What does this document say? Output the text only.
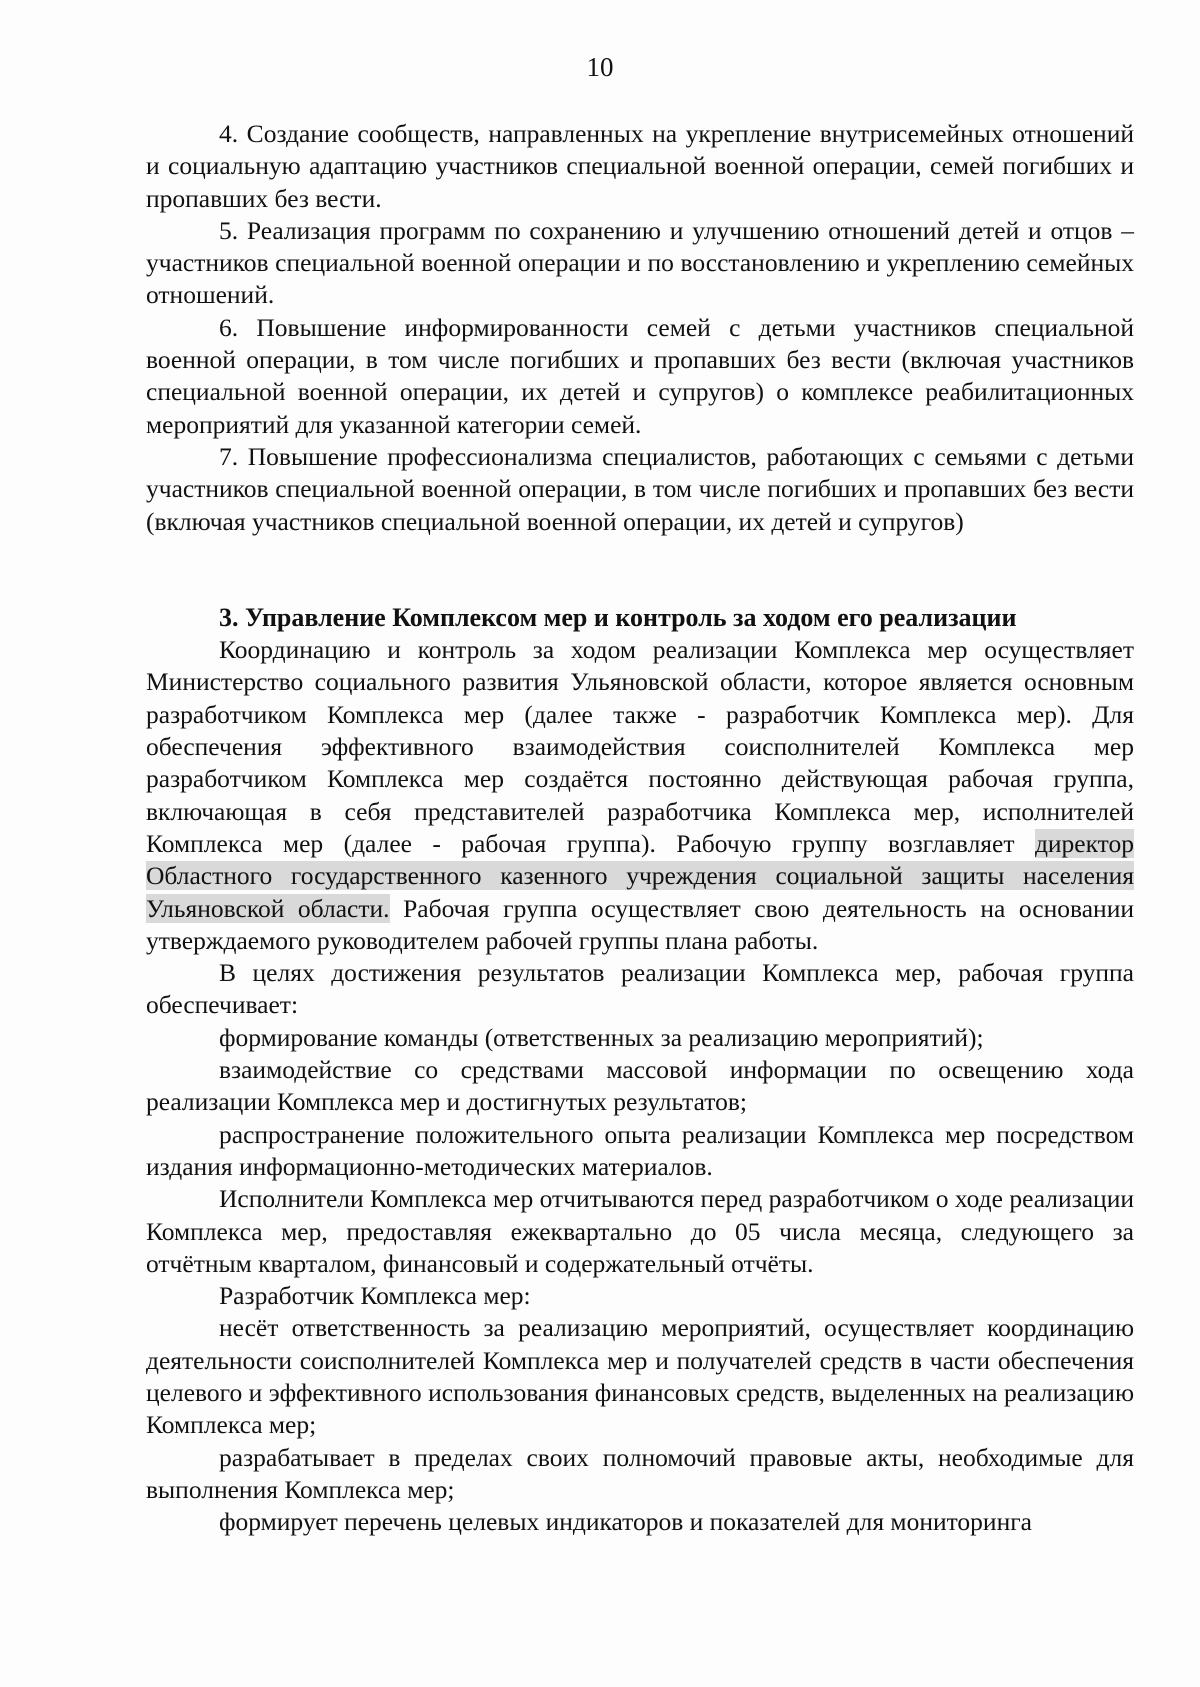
10

4. Создание сообществ, направленных на укрепление внутрисемейных отношений и социальную адаптацию участников специальной военной операции, семей погибших и пропавших без вести.

5. Реализация программ по сохранению и улучшению отношений детей и отцов – участников специальной военной операции и по восстановлению и укреплению семейных отношений.

6. Повышение информированности семей с детьми участников специальной военной операции, в том числе погибших и пропавших без вести (включая участников специальной военной операции, их детей и супругов) о комплексе реабилитационных мероприятий для указанной категории семей.

7. Повышение профессионализма специалистов, работающих с семьями с детьми участников специальной военной операции, в том числе погибших и пропавших без вести (включая участников специальной военной операции, их детей и супругов)

3. Управление Комплексом мер и контроль за ходом его реализации

Координацию и контроль за ходом реализации Комплекса мер осуществляет Министерство социального развития Ульяновской области, которое является основным разработчиком Комплекса мер (далее также - разработчик Комплекса мер). Для обеспечения эффективного взаимодействия соисполнителей Комплекса мер разработчиком Комплекса мер создаётся постоянно действующая рабочая группа, включающая в себя представителей разработчика Комплекса мер, исполнителей Комплекса мер (далее - рабочая группа). Рабочую группу возглавляет директор Областного государственного казенного учреждения социальной защиты населения Ульяновской области. Рабочая группа осуществляет свою деятельность на основании утверждаемого руководителем рабочей группы плана работы.

В целях достижения результатов реализации Комплекса мер, рабочая группа обеспечивает:

формирование команды (ответственных за реализацию мероприятий);

взаимодействие со средствами массовой информации по освещению хода реализации Комплекса мер и достигнутых результатов;

распространение положительного опыта реализации Комплекса мер посредством издания информационно-методических материалов.

Исполнители Комплекса мер отчитываются перед разработчиком о ходе реализации Комплекса мер, предоставляя ежеквартально до 05 числа месяца, следующего за отчётным кварталом, финансовый и содержательный отчёты.

Разработчик Комплекса мер:

несёт ответственность за реализацию мероприятий, осуществляет координацию деятельности соисполнителей Комплекса мер и получателей средств в части обеспечения целевого и эффективного использования финансовых средств, выделенных на реализацию Комплекса мер;

разрабатывает в пределах своих полномочий правовые акты, необходимые для выполнения Комплекса мер;

формирует перечень целевых индикаторов и показателей для мониторинга
